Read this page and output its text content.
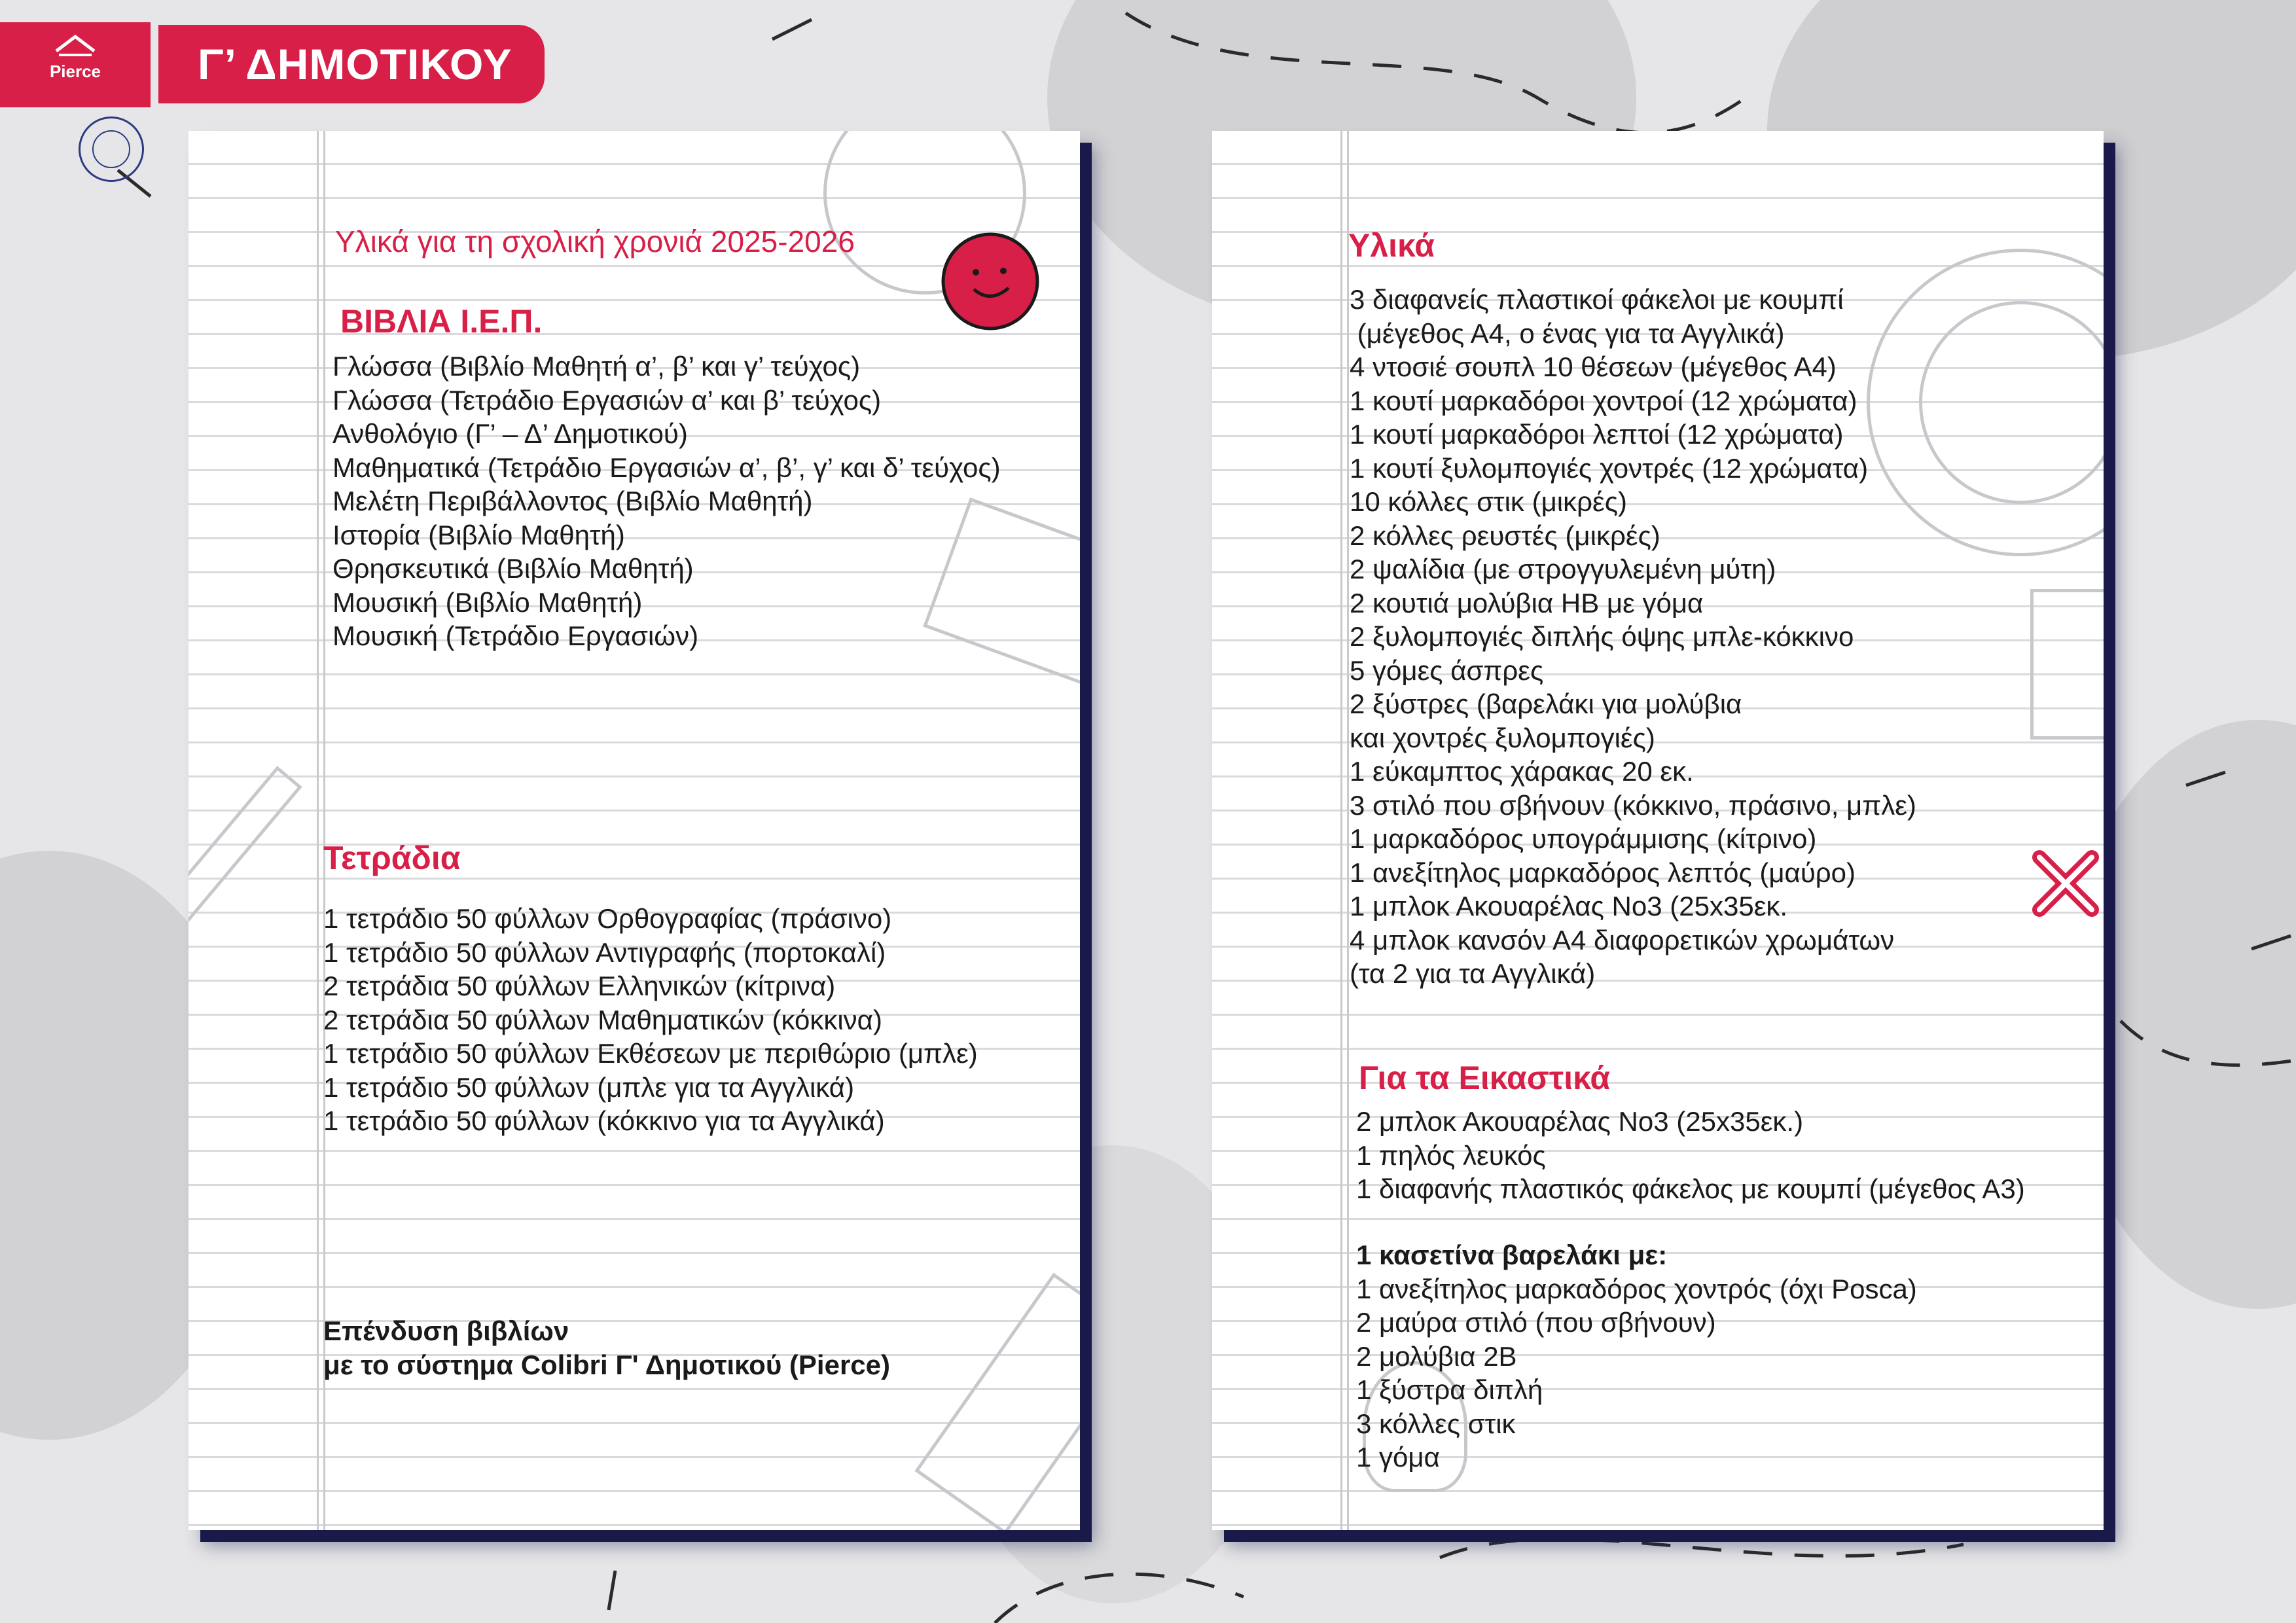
Pierce	Γ’ ΔΗΜΟΤΙΚΟΥ
Υλικά για τη σχολική χρονιά 2025-2026
ΒΙΒΛΙΑ Ι.Ε.Π.
Γλώσσα (Βιβλίο Μαθητή α’, β’ και γ’ τεύχος)
Γλώσσα (Τετράδιο Εργασιών α’ και β’ τεύχος)
Ανθολόγιο (Γ’ – Δ’ Δημοτικού)
Μαθηματικά (Τετράδιο Εργασιών α’, β’, γ’ και δ’ τεύχος)
Μελέτη Περιβάλλοντος (Βιβλίο Μαθητή)
Ιστορία (Βιβλίο Μαθητή)
Θρησκευτικά (Βιβλίο Μαθητή)
Μουσική (Βιβλίο Μαθητή)
Μουσική (Τετράδιο Εργασιών)
Τετράδια
1 τετράδιο 50 φύλλων Ορθογραφίας (πράσινο)
1 τετράδιο 50 φύλλων Αντιγραφής (πορτοκαλί)
2 τετράδια 50 φύλλων Ελληνικών (κίτρινα)
2 τετράδια 50 φύλλων Μαθηματικών (κόκκινα)
1 τετράδιο 50 φύλλων Εκθέσεων με περιθώριο (μπλε)
1 τετράδιο 50 φύλλων (μπλε για τα Αγγλικά)
1 τετράδιο 50 φύλλων (κόκκινο για τα Αγγλικά)
Επένδυση βιβλίων
με το σύστημα Colibri Γ' Δημοτικού (Pierce)
Υλικά
3 διαφανείς πλαστικοί φάκελοι με κουμπί
(μέγεθος Α4, ο ένας για τα Αγγλικά)
4 ντοσιέ σουπλ 10 θέσεων (μέγεθος Α4)
1 κουτί μαρκαδόροι χοντροί (12 χρώματα)
1 κουτί μαρκαδόροι λεπτοί (12 χρώματα)
1 κουτί ξυλομπογιές χοντρές (12 χρώματα)
10 κόλλες στικ (μικρές)
2 κόλλες ρευστές (μικρές)
2 ψαλίδια (με στρογγυλεμένη μύτη)
2 κουτιά μολύβια ΗΒ με γόμα
2 ξυλομπογιές διπλής όψης μπλε-κόκκινο
5 γόμες άσπρες
2 ξύστρες (βαρελάκι για μολύβια
και χοντρές ξυλομπογιές)
1 εύκαμπτος χάρακας 20 εκ.
3 στιλό που σβήνουν (κόκκινο, πράσινο, μπλε)
1 μαρκαδόρος υπογράμμισης (κίτρινο)
1 ανεξίτηλος μαρκαδόρος λεπτός (μαύρο)
1 μπλοκ Ακουαρέλας Νο3 (25x35εκ.
4 μπλοκ κανσόν Α4 διαφορετικών χρωμάτων
(τα 2 για τα Αγγλικά)
Για τα Εικαστικά
2 μπλοκ Ακουαρέλας Νο3 (25x35εκ.)
1 πηλός λευκός
1 διαφανής πλαστικός φάκελος με κουμπί (μέγεθος Α3)
1 κασετίνα βαρελάκι με:
1 ανεξίτηλος μαρκαδόρος χοντρός (όχι Posca)
2 μαύρα στιλό (που σβήνουν)
2 μολύβια 2Β
1 ξύστρα διπλή
3 κόλλες στικ
1 γόμα
